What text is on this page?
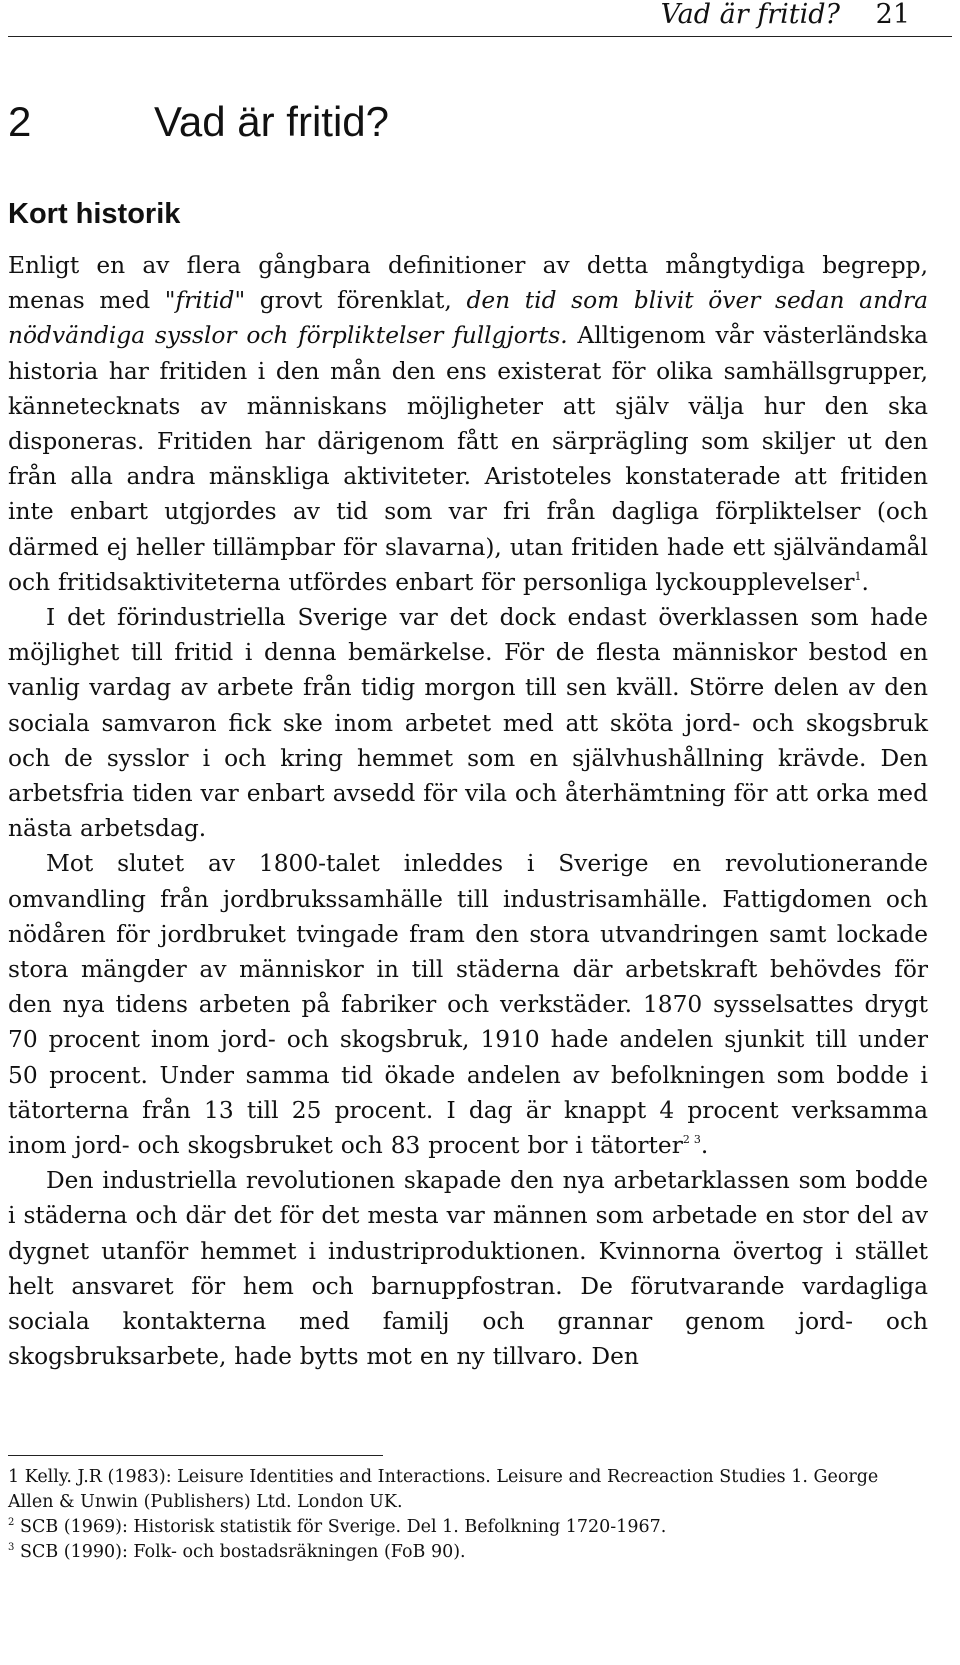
Vad är fritid? 21
2	Vad är fritid?
Kort historik

Enligt en av flera gångbara definitioner av detta mångtydiga begrepp, menas med "fritid" grovt förenklat, den tid som blivit över sedan andra nödvändiga sysslor och förpliktelser fullgjorts. Alltigenom vår västerländska historia har fritiden i den mån den ens existerat för olika samhällsgrupper, kännetecknats av människans möjligheter att själv välja hur den ska disponeras. Fritiden har därigenom fått en särprägling som skiljer ut den från alla andra mänskliga aktiviteter. Aristoteles konstaterade att fritiden inte enbart utgjordes av tid som var fri från dagliga förpliktelser (och därmed ej heller tillämpbar för slavarna), utan fritiden hade ett självändamål och fritidsaktiviteterna utfördes enbart för personliga lyckoupplevelser$^1$.

I det förindustriella Sverige var det dock endast överklassen som hade möjlighet till fritid i denna bemärkelse. För de flesta människor bestod en vanlig vardag av arbete från tidig morgon till sen kväll. Större delen av den sociala samvaron fick ske inom arbetet med att sköta jord- och skogsbruk och de sysslor i och kring hemmet som en självhushållning krävde. Den arbetsfria tiden var enbart avsedd för vila och återhämtning för att orka med nästa arbetsdag.

Mot slutet av 1800-talet inleddes i Sverige en revolutionerande omvandling från jordbrukssamhälle till industrisamhälle. Fattigdomen och nödåren för jordbruket tvingade fram den stora utvandringen samt lockade stora mängder av människor in till städerna där arbetskraft behövdes för den nya tidens arbeten på fabriker och verkstäder. 1870 sysselsattes drygt 70 procent inom jord- och skogsbruk, 1910 hade andelen sjunkit till under 50 procent. Under samma tid ökade andelen av befolkningen som bodde i tätorterna från 13 till 25 procent. I dag är knappt 4 procent verksamma inom jord- och skogsbruket och 83 procent bor i tätorter$^{2 3}$.

Den industriella revolutionen skapade den nya arbetarklassen som bodde i städerna och där det för det mesta var männen som arbetade en stor del av dygnet utanför hemmet i industriproduktionen. Kvinnorna övertog i stället helt ansvaret för hem och barnuppfostran. De förutvarande vardagliga sociala kontakterna med familj och grannar genom jord- och skogsbruksarbete, hade bytts mot en ny tillvaro. Den

1 Kelly. J.R (1983): Leisure Identities and Interactions. Leisure and Recreaction Studies 1. George Allen & Unwin (Publishers) Ltd. London UK.

$^2$ SCB (1969): Historisk statistik för Sverige. Del 1. Befolkning 1720-1967.

$^3$ SCB (1990): Folk- och bostadsräkningen (FoB 90).
